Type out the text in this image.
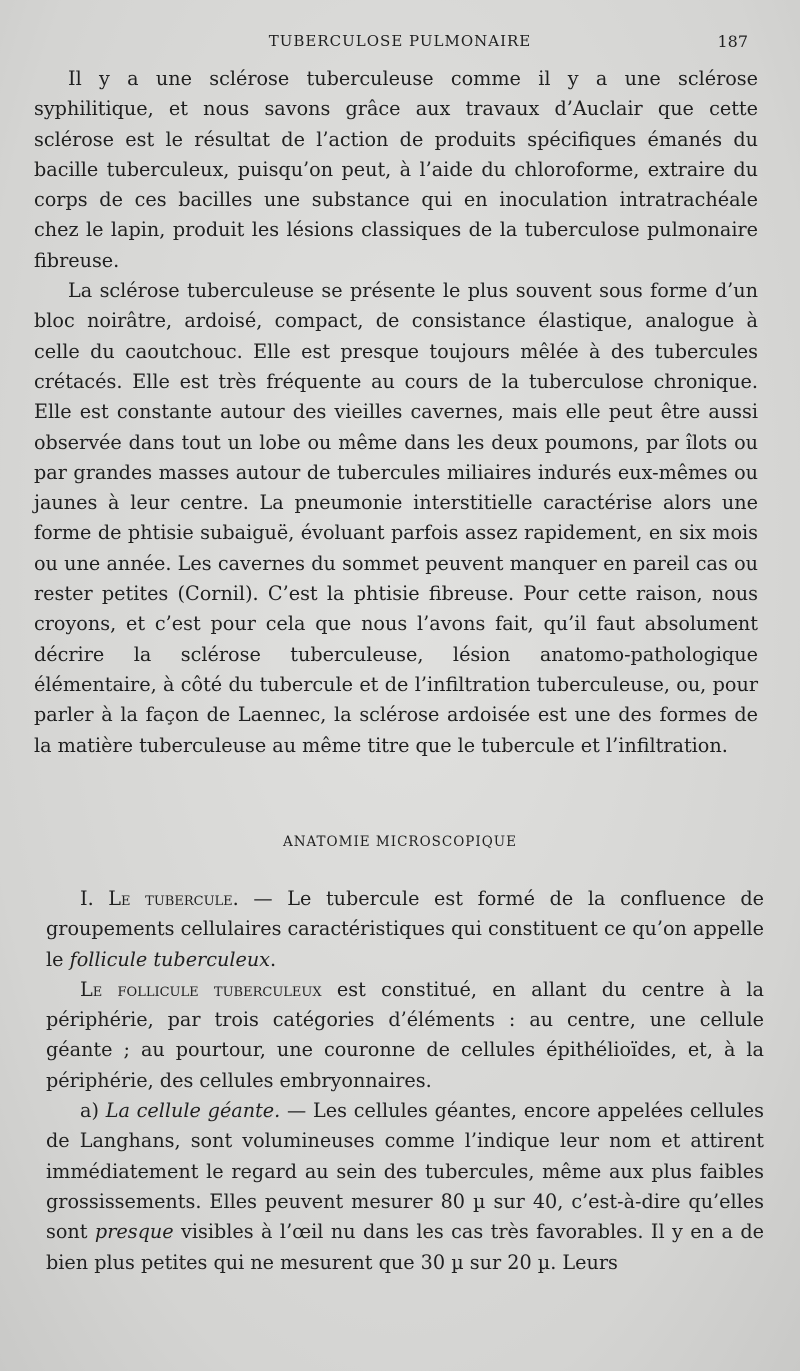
TUBERCULOSE PULMONAIRE	187

Il y a une sclérose tuberculeuse comme il y a une sclérose syphilitique, et nous savons grâce aux travaux d’Auclair que cette sclérose est le résultat de l’action de produits spécifiques émanés du bacille tuberculeux, puisqu’on peut, à l’aide du chloroforme, extraire du corps de ces bacilles une substance qui en inoculation intratrachéale chez le lapin, produit les lésions classiques de la tuberculose pulmonaire fibreuse.

La sclérose tuberculeuse se présente le plus souvent sous forme d’un bloc noirâtre, ardoisé, compact, de consistance élastique, analogue à celle du caoutchouc. Elle est presque toujours mêlée à des tubercules crétacés. Elle est très fréquente au cours de la tuberculose chronique. Elle est constante autour des vieilles cavernes, mais elle peut être aussi observée dans tout un lobe ou même dans les deux poumons, par îlots ou par grandes masses autour de tubercules miliaires indurés eux-mêmes ou jaunes à leur centre. La pneumonie interstitielle caractérise alors une forme de phtisie subaiguë, évoluant parfois assez rapidement, en six mois ou une année. Les cavernes du sommet peuvent manquer en pareil cas ou rester petites (Cornil). C’est la phtisie fibreuse. Pour cette raison, nous croyons, et c’est pour cela que nous l’avons fait, qu’il faut absolument décrire la sclérose tuberculeuse, lésion anatomo-pathologique élémentaire, à côté du tubercule et de l’infiltration tuberculeuse, ou, pour parler à la façon de Laennec, la sclérose ardoisée est une des formes de la matière tuberculeuse au même titre que le tubercule et l’infiltration.

ANATOMIE MICROSCOPIQUE

I. Le tubercule. — Le tubercule est formé de la confluence de groupements cellulaires caractéristiques qui constituent ce qu’on appelle le follicule tuberculeux.

Le follicule tuberculeux est constitué, en allant du centre à la périphérie, par trois catégories d’éléments : au centre, une cellule géante ; au pourtour, une couronne de cellules épithélioïdes, et, à la périphérie, des cellules embryonnaires.

a) La cellule géante. — Les cellules géantes, encore appelées cellules de Langhans, sont volumineuses comme l’indique leur nom et attirent immédiatement le regard au sein des tubercules, même aux plus faibles grossissements. Elles peuvent mesurer 80 µ sur 40, c’est-à-dire qu’elles sont presque visibles à l’œil nu dans les cas très favorables. Il y en a de bien plus petites qui ne mesurent que 30 µ sur 20 µ. Leurs
